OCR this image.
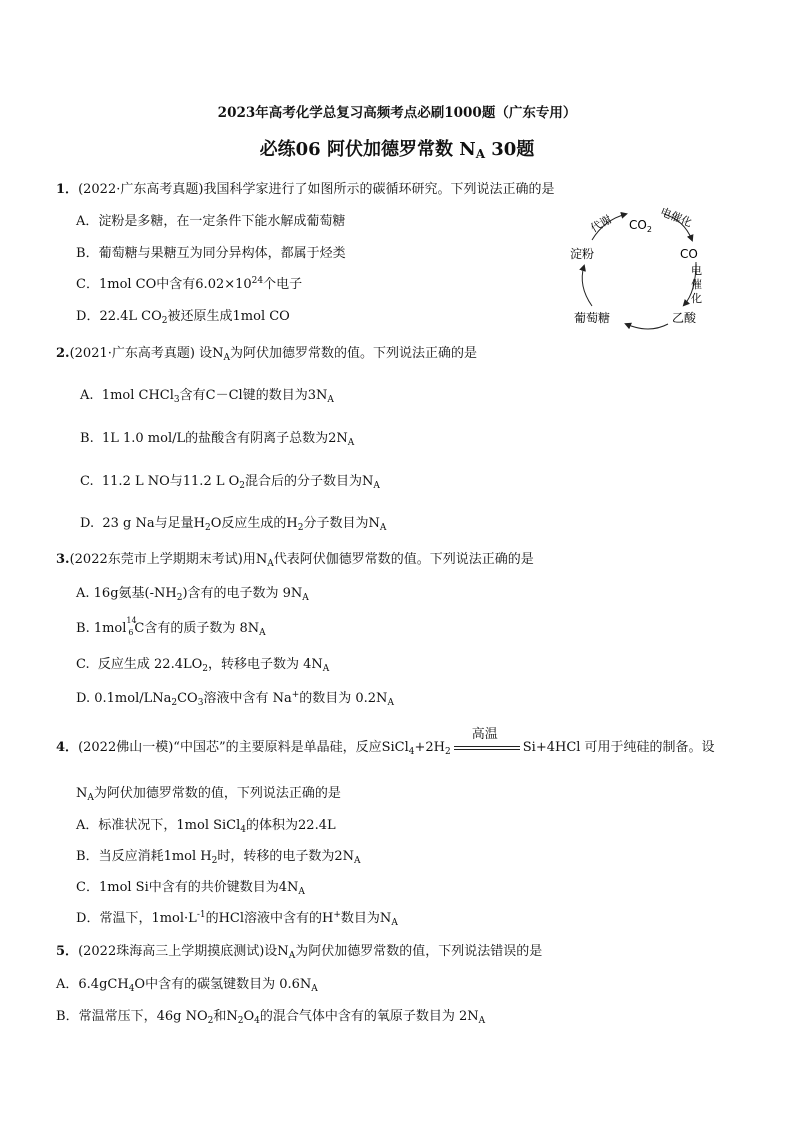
2023年高考化学总复习高频考点必刷1000题（广东专用）
必练06 阿伏加德罗常数 $N_A$ 30题
1．(2022·广东高考真题)我国科学家进行了如图所示的碳循环研究。下列说法正确的是
A．淀粉是多糖，在一定条件下能水解成葡萄糖
B．葡萄糖与果糖互为同分异构体，都属于烃类
C．1mol CO中含有$6.02\times 10^{24}$个电子
D．22.4L $CO_2$被还原生成1mol CO
$CO_2$
CO
淀粉
葡萄糖	乙酸
代谢	电催化
电
催
化
2.(2021·广东高考真题) 设$N_A$为阿伏加德罗常数的值。下列说法正确的是
A.  1mol CHCl$_3$含有C－Cl键的数目为$3N_A$
B.  1L 1.0 mol/L的盐酸含有阴离子总数为$2N_A$
C.  11.2 L NO与11.2 L $O_2$混合后的分子数目为$N_A$
D.  23 g Na与足量$H_2O$反应生成的$H_2$分子数目为$N_A$
3.(2022东莞市上学期期末考试)用$N_A$代表阿伏伽德罗常数的值。下列说法正确的是
A. 16g氨基$(-NH_2)$含有的电子数为 $9N_A$
B. 1mol
14
6 C含有的质子数为 $8N_A$
C.  反应生成 $22.4LO_2$，转移电子数为 $4N_A$
D. $0.1mol/LNa_2CO_3$溶液中含有 Na+的数目为 $0.2N_A$
4．(2022佛山一模)“中国芯”的主要原料是单晶硅，反应$SiCl_4+2H_2$
高温
Si+4HCl 可用于纯硅的制备。设
$N_A$为阿伏加德罗常数的值，下列说法正确的是
A．标准状况下，1mol SiCl$_4$的体积为22.4L
B．当反应消耗1mol $H_2$时，转移的电子数为$2N_A$
C．1mol Si中含有的共价键数目为$4N_A$
D．常温下，$1mol\cdot L^{-1}$的HCl溶液中含有的H+数目为$N_A$
5．(2022珠海高三上学期摸底测试)设$N_A$为阿伏加德罗常数的值，下列说法错误的是
A．6.4gCH$_4$O中含有的碳氢键数目为 $0.6N_A$
B．常温常压下，46g $NO_2$和$N_2O_4$的混合气体中含有的氧原子数目为 $2N_A$
